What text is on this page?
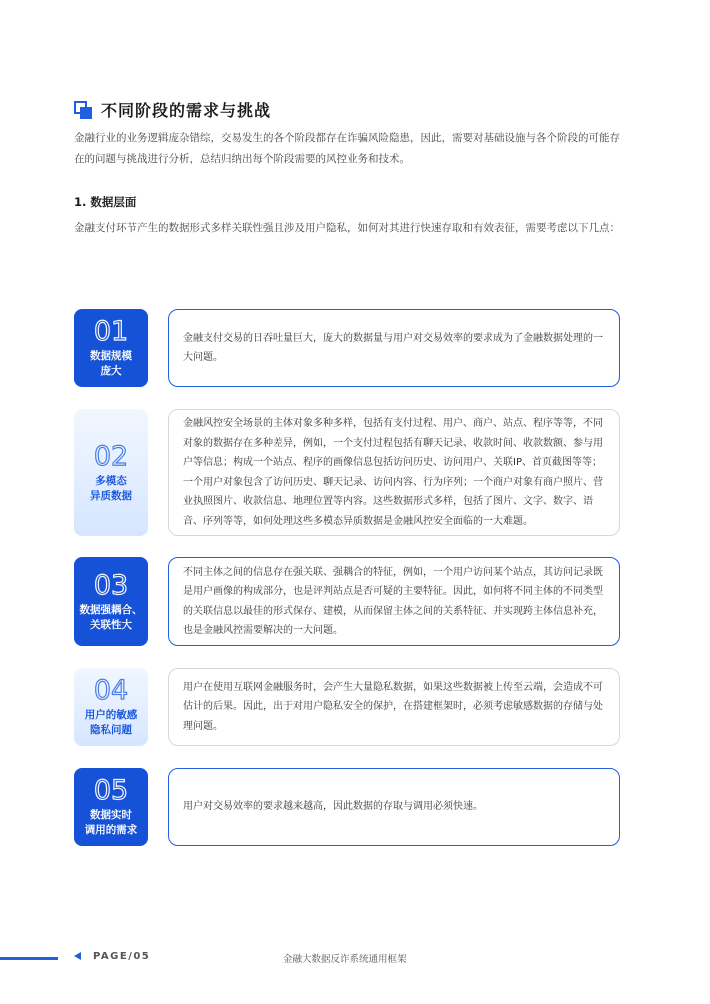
不同阶段的需求与挑战
金融行业的业务逻辑庞杂错综，交易发生的各个阶段都存在诈骗风险隐患，因此，需要对基础设施与各个阶段的可能存在的问题与挑战进行分析，总结归纳出每个阶段需要的风控业务和技术。
1. 数据层面
金融支付环节产生的数据形式多样关联性强且涉及用户隐私，如何对其进行快速存取和有效表征，需要考虑以下几点：
01
数据规模
庞大
金融支付交易的日吞吐量巨大，庞大的数据量与用户对交易效率的要求成为了金融数据处理的一大问题。
02
多模态
异质数据
金融风控安全场景的主体对象多种多样，包括有支付过程、用户、商户、站点、程序等等，不同对象的数据存在多种差异，例如，一个支付过程包括有聊天记录、收款时间、收款数额、参与用户等信息；构成一个站点、程序的画像信息包括访问历史、访问用户、关联IP、首页截图等等；一个用户对象包含了访问历史、聊天记录、访问内容、行为序列；一个商户对象有商户照片、营业执照图片、收款信息、地理位置等内容。这些数据形式多样，包括了图片、文字、数字、语音、序列等等，如何处理这些多模态异质数据是金融风控安全面临的一大难题。
03
数据强耦合、
关联性大
不同主体之间的信息存在强关联、强耦合的特征，例如，一个用户访问某个站点，其访问记录既是用户画像的构成部分，也是评判站点是否可疑的主要特征。因此，如何将不同主体的不同类型的关联信息以最佳的形式保存、建模，从而保留主体之间的关系特征、并实现跨主体信息补充，也是金融风控需要解决的一大问题。
04
用户的敏感
隐私问题
用户在使用互联网金融服务时，会产生大量隐私数据，如果这些数据被上传至云端，会造成不可估计的后果。因此，出于对用户隐私安全的保护，在搭建框架时，必须考虑敏感数据的存储与处理问题。
05
数据实时
调用的需求
用户对交易效率的要求越来越高，因此数据的存取与调用必须快速。
PAGE/05	金融大数据反诈系统通用框架
